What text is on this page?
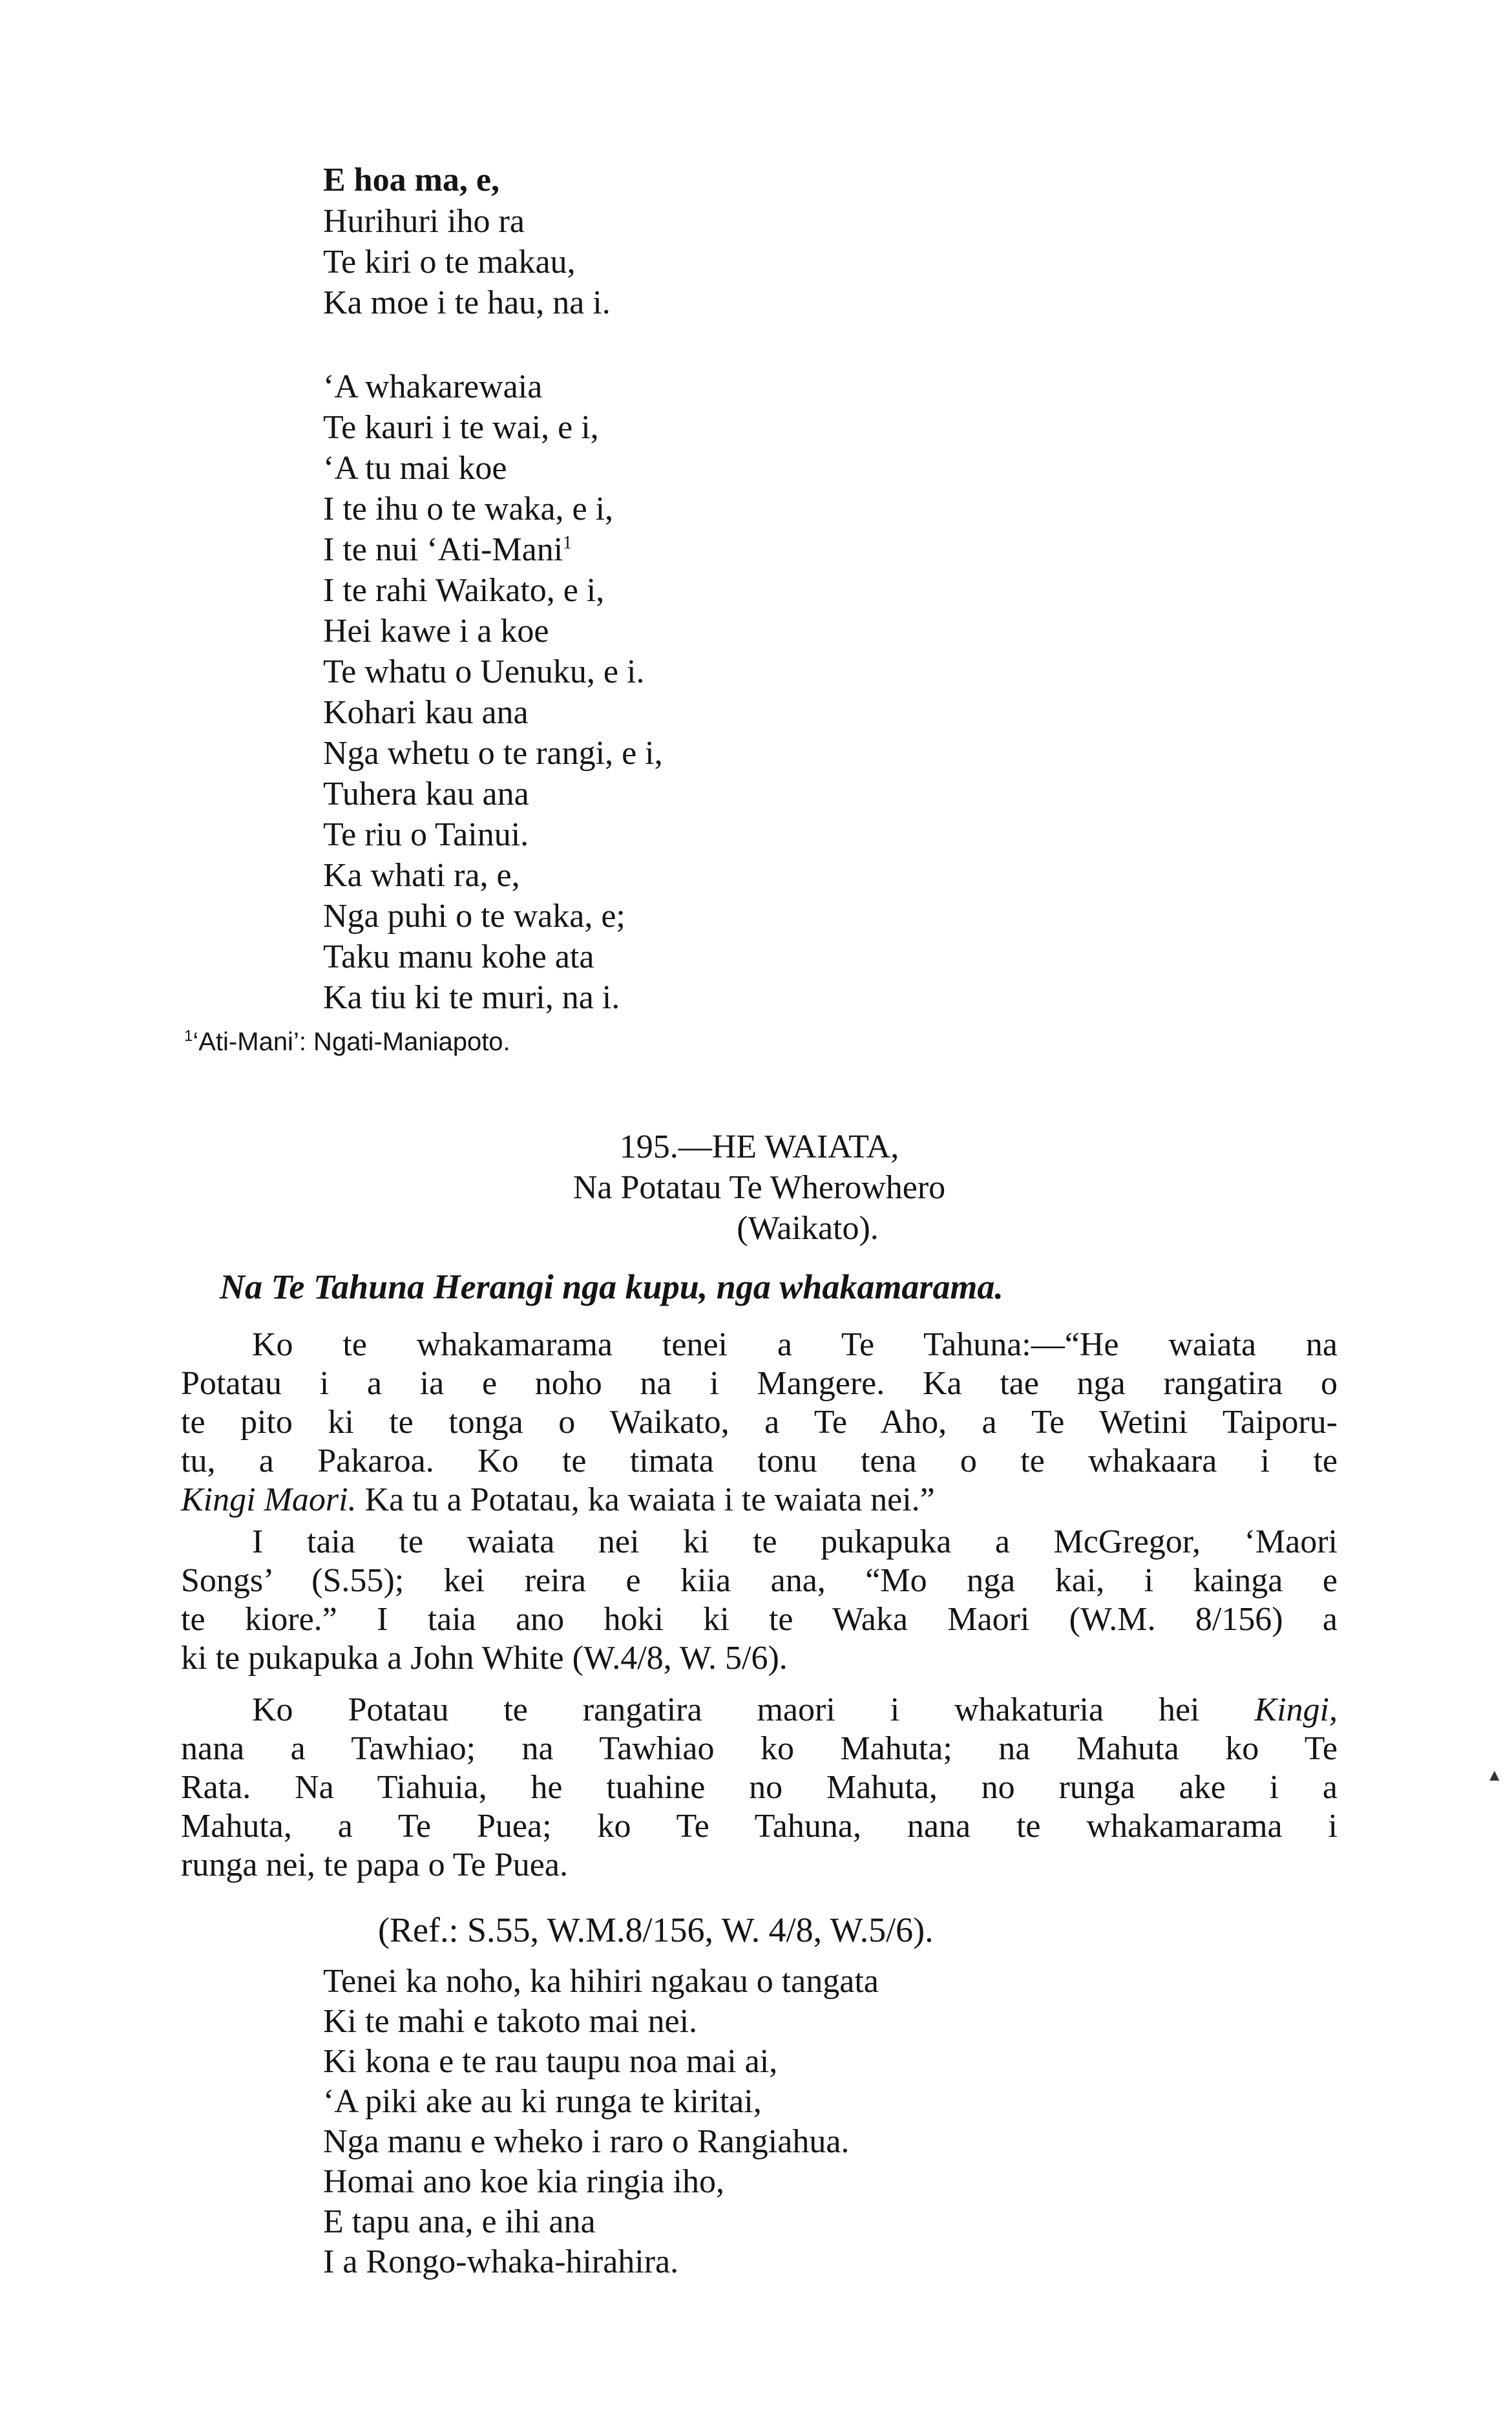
E hoa ma, e,

Hurihuri iho ra

Te kiri o te makau,

Ka moe i te hau, na i.

‘A whakarewaia

Te kauri i te wai, e i,

‘A tu mai koe

I te ihu o te waka, e i,

I te nui ‘Ati-Mani$^1$

I te rahi Waikato, e i,

Hei kawe i a koe

Te whatu o Uenuku, e i.

Kohari kau ana

Nga whetu o te rangi, e i,

Tuhera kau ana

Te riu o Tainui.

Ka whati ra, e,

Nga puhi o te waka, e;

Taku manu kohe ata

Ka tiu ki te muri, na i.

$^1$‘Ati-Mani’: Ngati-Maniapoto.

195.—HE WAIATA,

Na Potatau Te Wherowhero

(Waikato).

Na Te Tahuna Herangi nga kupu, nga whakamarama.

Ko te whakamarama tenei a Te Tahuna:—“He waiata na

Potatau i a ia e noho na i Mangere. Ka tae nga rangatira o

te pito ki te tonga o Waikato, a Te Aho, a Te Wetini Taiporu-

tu, a Pakaroa. Ko te timata tonu tena o te whakaara i te

Kingi Maori. Ka tu a Potatau, ka waiata i te waiata nei.”

I taia te waiata nei ki te pukapuka a McGregor, ‘Maori

Songs’ (S.55); kei reira e kiia ana, “Mo nga kai, i kainga e

te kiore.” I taia ano hoki ki te Waka Maori (W.M. 8/156) a

ki te pukapuka a John White (W.4/8, W. 5/6).

Ko Potatau te rangatira maori i whakaturia hei Kingi,

nana a Tawhiao; na Tawhiao ko Mahuta; na Mahuta ko Te

Rata. Na Tiahuia, he tuahine no Mahuta, no runga ake i a

Mahuta, a Te Puea; ko Te Tahuna, nana te whakamarama i

runga nei, te papa o Te Puea.

(Ref.: S.55, W.M.8/156, W. 4/8, W.5/6).

Tenei ka noho, ka hihiri ngakau o tangata

Ki te mahi e takoto mai nei.

Ki kona e te rau taupu noa mai ai,

‘A piki ake au ki runga te kiritai,

Nga manu e wheko i raro o Rangiahua.

Homai ano koe kia ringia iho,

E tapu ana, e ihi ana

I a Rongo-whaka-hirahira.

▲
